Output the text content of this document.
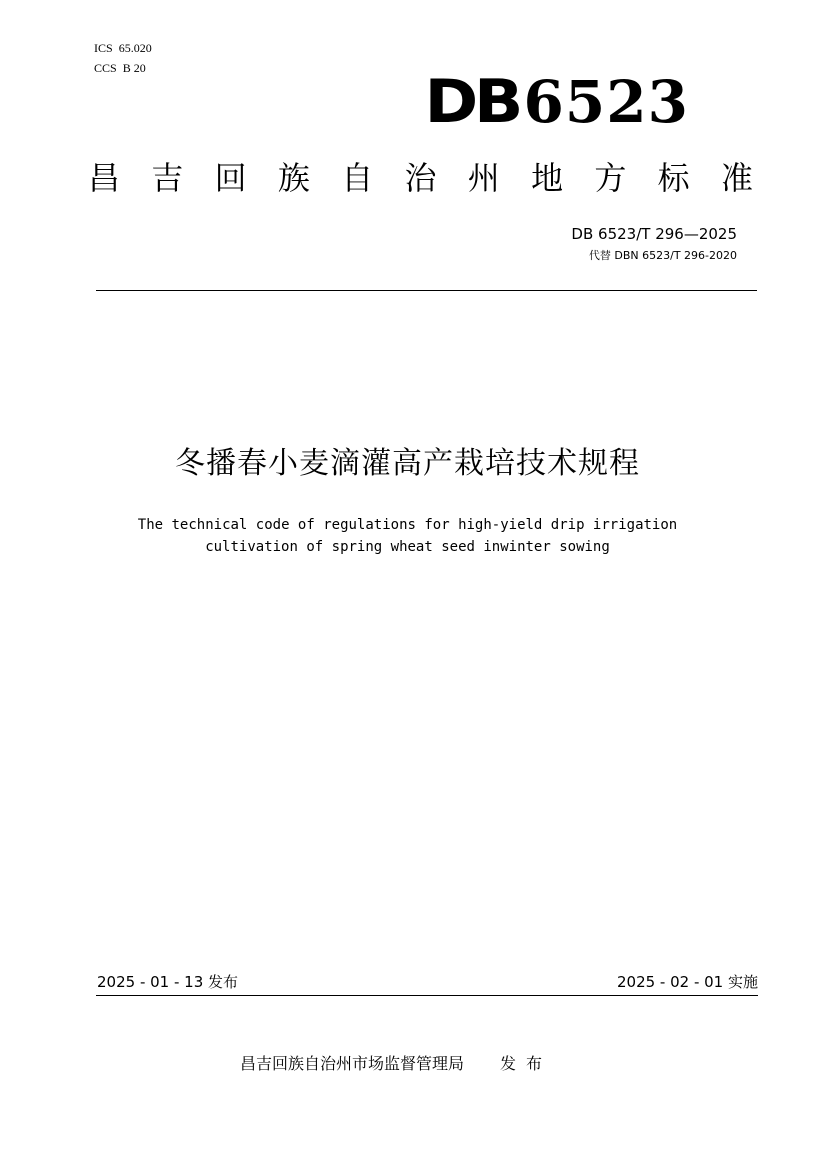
ICS 65.020
CCS B 20	DB6523
昌 吉 回 族 自 治 州 地 方 标 准
DB 6523/T 296—2025
代替 DBN 6523/T 296-2020
冬播春小麦滴灌高产栽培技术规程
The technical code of regulations for high-yield drip irrigation
cultivation of spring wheat seed inwinter sowing
2025 - 01 - 13 发布	2025 - 02 - 01 实施
昌吉回族自治州市场监督管理局 发布
